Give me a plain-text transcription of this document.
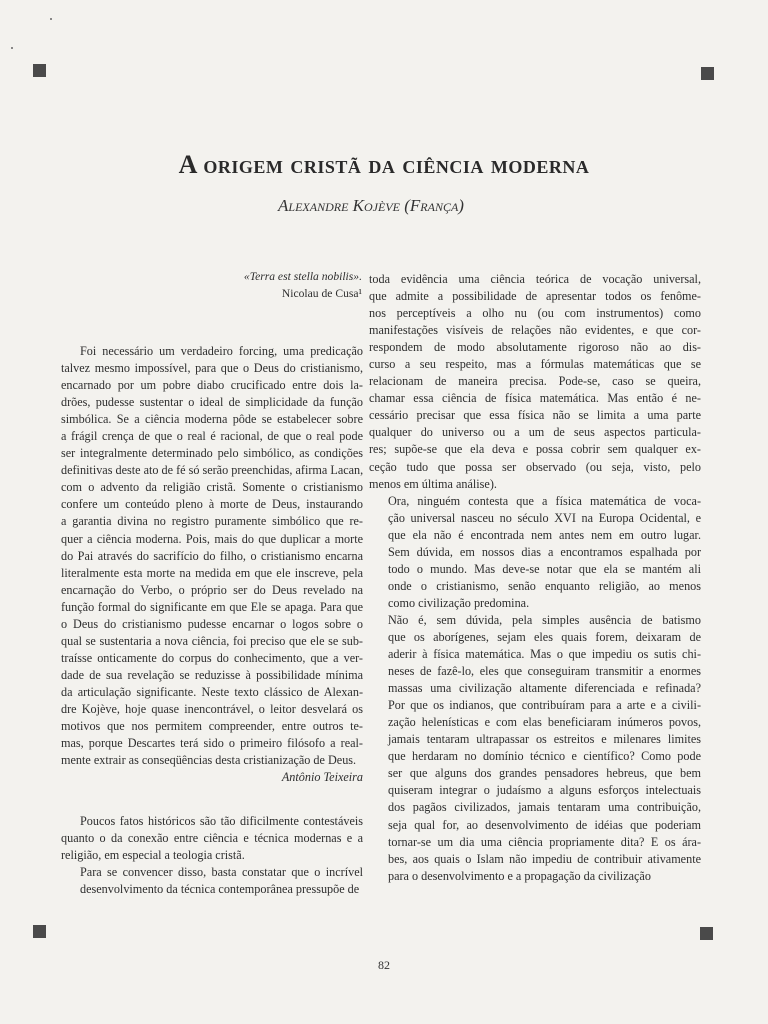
A origem cristã da ciência moderna
Alexandre Kojève (França)
«Terra est stella nobilis».
Nicolau de Cusa¹

Foi necessário um verdadeiro forcing, uma predicação
talvez mesmo impossível, para que o Deus do cristianismo,
encarnado por um pobre diabo crucificado entre dois la-
drões, pudesse sustentar o ideal de simplicidade da função
simbólica. Se a ciência moderna pôde se estabelecer sobre
a frágil crença de que o real é racional, de que o real pode
ser integralmente determinado pelo simbólico, as condições
definitivas deste ato de fé só serão preenchidas, afirma Lacan,
com o advento da religião cristã. Somente o cristianismo
confere um conteúdo pleno à morte de Deus, instaurando
a garantia divina no registro puramente simbólico que re-
quer a ciência moderna. Pois, mais do que duplicar a morte
do Pai através do sacrifício do filho, o cristianismo encarna
literalmente esta morte na medida em que ele inscreve, pela
encarnação do Verbo, o próprio ser do Deus revelado na
função formal do significante em que Ele se apaga. Para que
o Deus do cristianismo pudesse encarnar o logos sobre o
qual se sustentaria a nova ciência, foi preciso que ele se sub-
traísse onticamente do corpus do conhecimento, que a ver-
dade de sua revelação se reduzisse à possibilidade mínima
da articulação significante. Neste texto clássico de Alexan-
dre Kojève, hoje quase inencontrável, o leitor desvelará os
motivos que nos permitem compreender, entre outros te-
mas, porque Descartes terá sido o primeiro filósofo a real-
mente extrair as conseqüências desta cristianização de Deus.

Antônio Teixeira

Poucos fatos históricos são tão dificilmente contestáveis
quanto o da conexão entre ciência e técnica modernas e a
religião, em especial a teologia cristã.

Para se convencer disso, basta constatar que o incrível
desenvolvimento da técnica contemporânea pressupõe de

toda evidência uma ciência teórica de vocação universal,
que admite a possibilidade de apresentar todos os fenôme-
nos perceptíveis a olho nu (ou com instrumentos) como
manifestações visíveis de relações não evidentes, e que cor-
respondem de modo absolutamente rigoroso não ao dis-
curso a seu respeito, mas a fórmulas matemáticas que se
relacionam de maneira precisa. Pode-se, caso se queira,
chamar essa ciência de física matemática. Mas então é ne-
cessário precisar que essa física não se limita a uma parte
qualquer do universo ou a um de seus aspectos particula-
res; supõe-se que ela deva e possa cobrir sem qualquer ex-
ceção tudo que possa ser observado (ou seja, visto, pelo
menos em última análise).

Ora, ninguém contesta que a física matemática de voca-
ção universal nasceu no século XVI na Europa Ocidental, e
que ela não é encontrada nem antes nem em outro lugar.
Sem dúvida, em nossos dias a encontramos espalhada por
todo o mundo. Mas deve-se notar que ela se mantém ali
onde o cristianismo, senão enquanto religião, ao menos
como civilização predomina.

Não é, sem dúvida, pela simples ausência de batismo
que os aborígenes, sejam eles quais forem, deixaram de
aderir à física matemática. Mas o que impediu os sutis chi-
neses de fazê-lo, eles que conseguiram transmitir a enormes
massas uma civilização altamente diferenciada e refinada?
Por que os indianos, que contribuíram para a arte e a civili-
zação helenísticas e com elas beneficiaram inúmeros povos,
jamais tentaram ultrapassar os estreitos e milenares limites
que herdaram no domínio técnico e científico? Como pode
ser que alguns dos grandes pensadores hebreus, que bem
quiseram integrar o judaísmo a alguns esforços intelectuais
dos pagãos civilizados, jamais tentaram uma contribuição,
seja qual for, ao desenvolvimento de idéias que poderiam
tornar-se um dia uma ciência propriamente dita? E os ára-
bes, aos quais o Islam não impediu de contribuir ativamente
para o desenvolvimento e a propagação da civilização

82
